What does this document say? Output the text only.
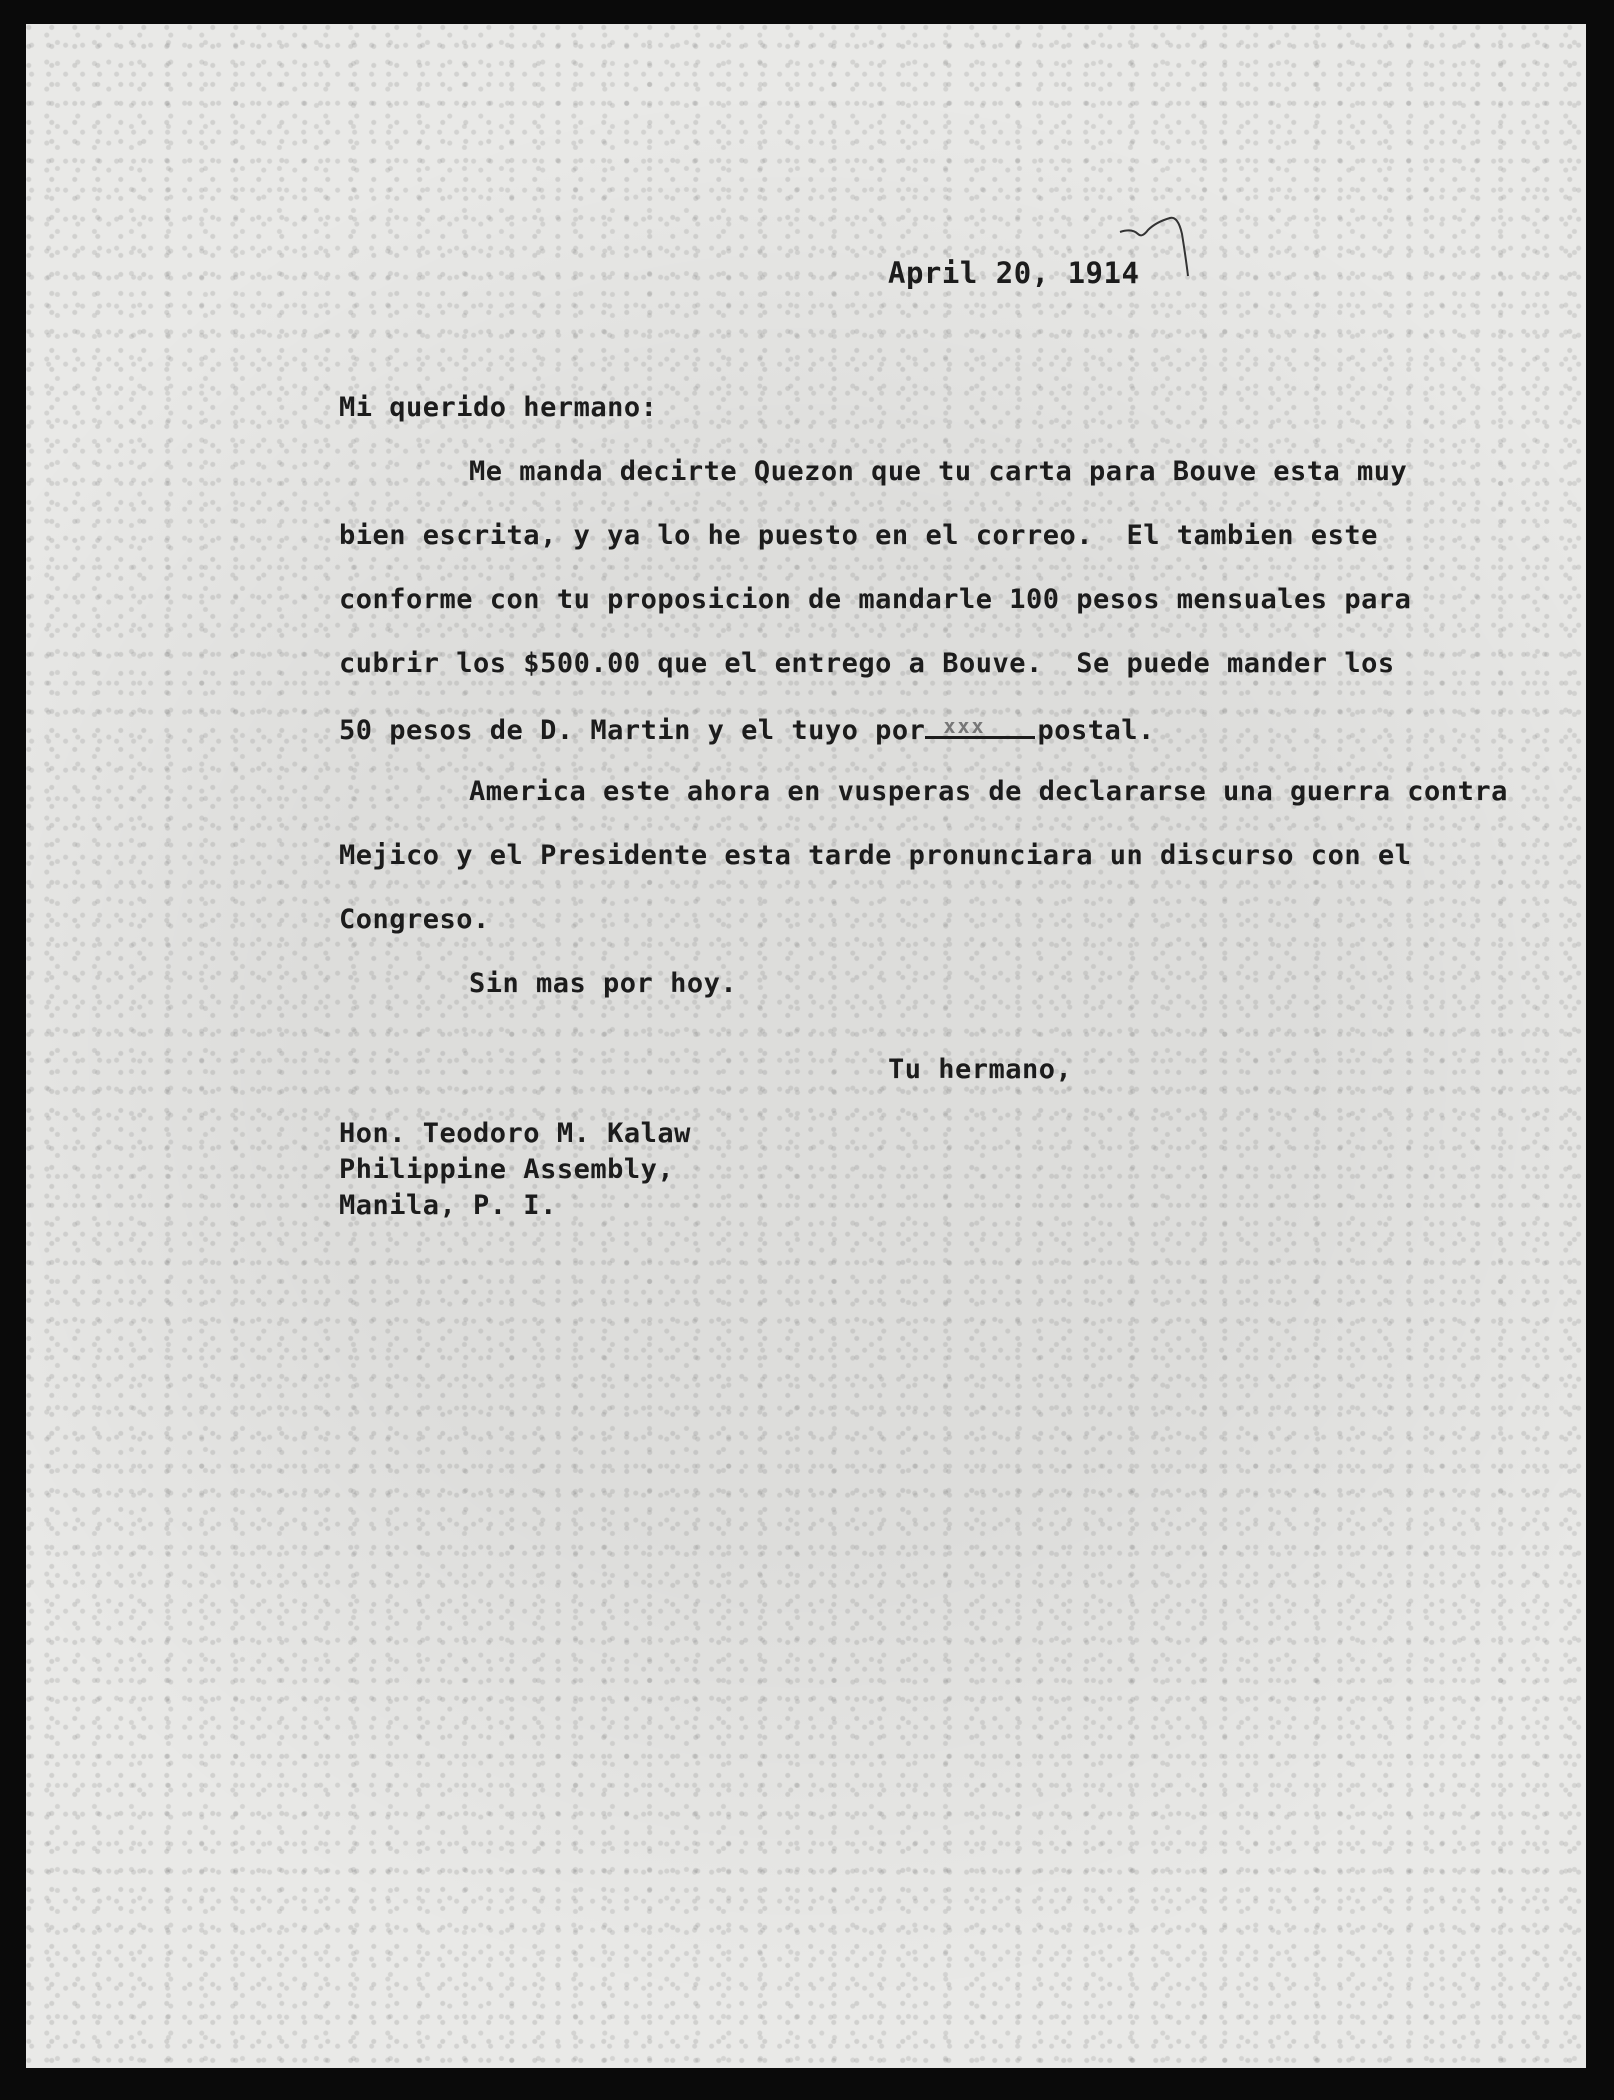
April 20, 1914
Mi querido hermano:
Me manda decirte Quezon que tu carta para Bouve esta muy
bien escrita, y ya lo he puesto en el correo.  El tambien este
conforme con tu proposicion de mandarle 100 pesos mensuales para
cubrir los $500.00 que el entrego a Bouve.  Se puede mander los
50 pesos de D. Martin y el tuyo por xxx postal.
America este ahora en vusperas de declararse una guerra contra
Mejico y el Presidente esta tarde pronunciara un discurso con el
Congreso.
Sin mas por hoy.
Tu hermano,
Hon. Teodoro M. Kalaw
Philippine Assembly,
Manila, P. I.
